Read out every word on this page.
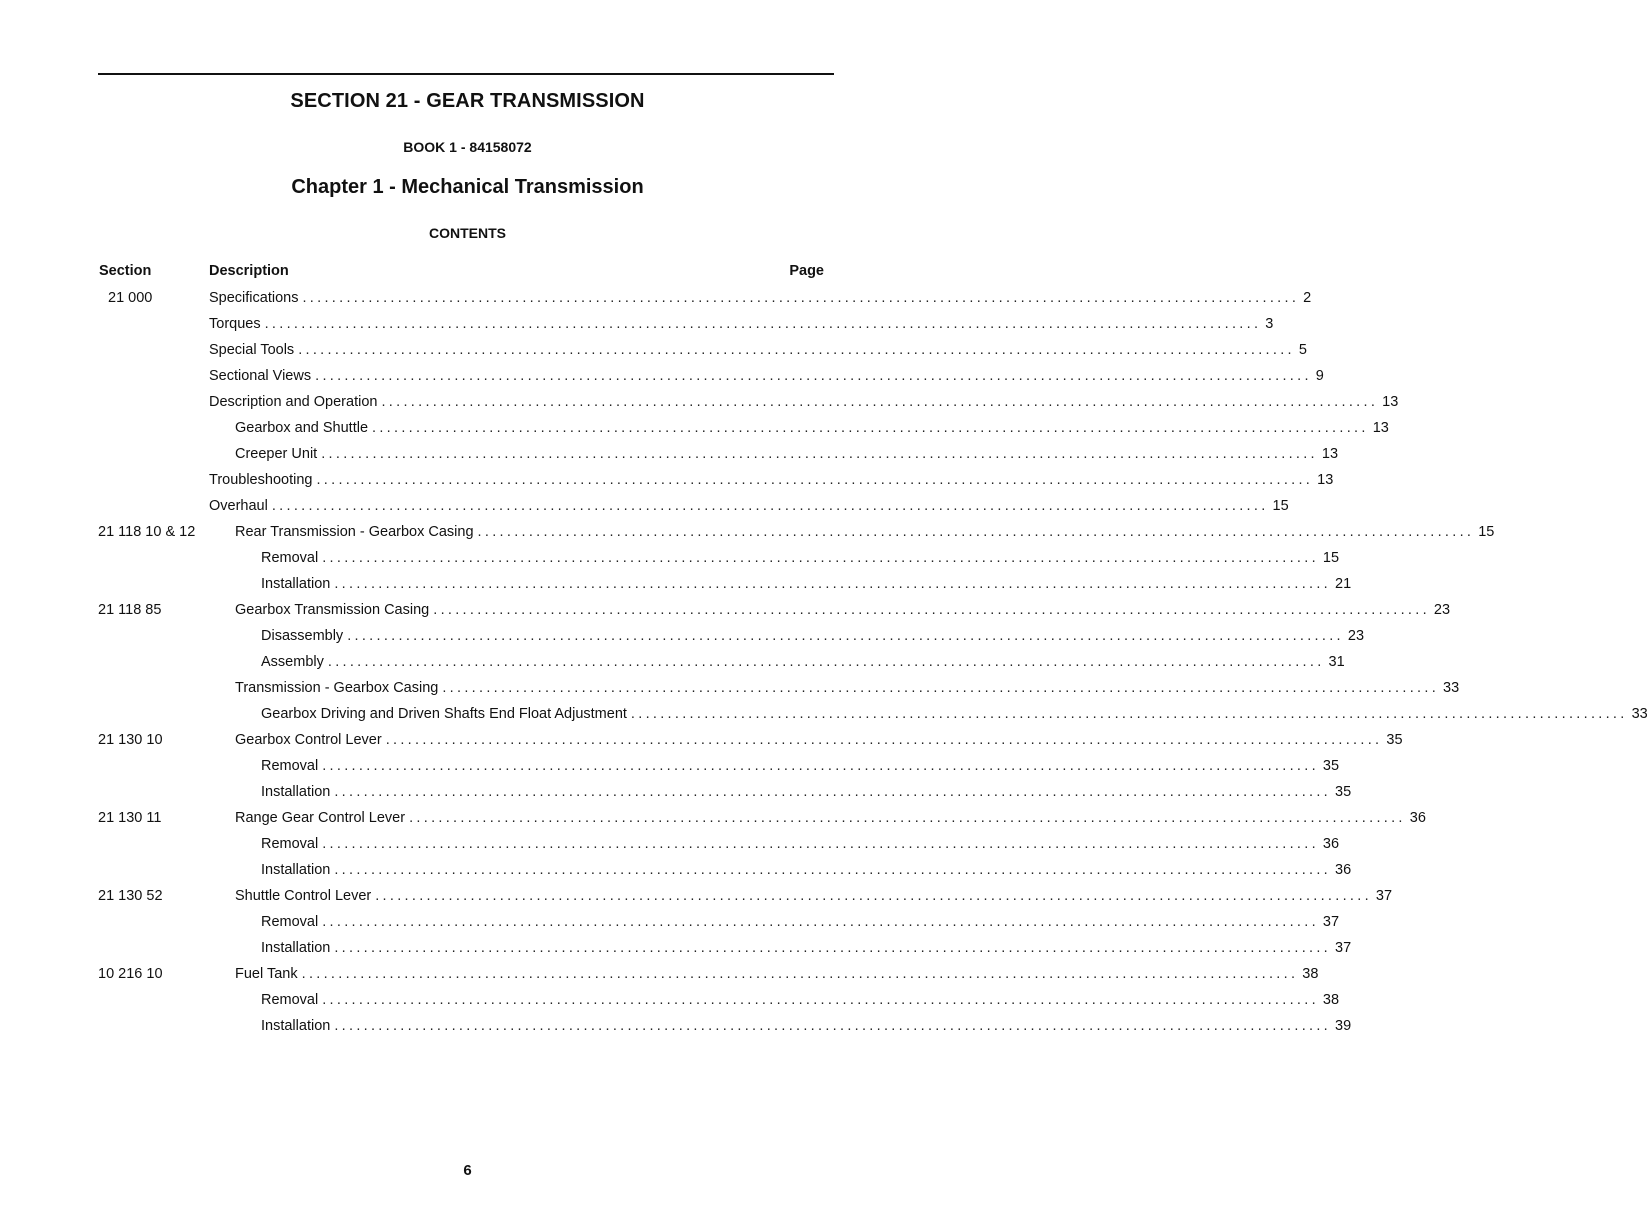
SECTION 21 - GEAR TRANSMISSION
BOOK 1 - 84158072
Chapter 1 - Mechanical Transmission
CONTENTS
Section	Description	Page
21 000	Specifications ........................................................................................................................................ 2
Torques ........................................................................................................................................ 3
Special Tools ........................................................................................................................................ 5
Sectional Views ........................................................................................................................................ 9
Description and Operation ........................................................................................................................................ 13
Gearbox and Shuttle ........................................................................................................................................ 13
Creeper Unit ........................................................................................................................................ 13
Troubleshooting ........................................................................................................................................ 13
Overhaul ........................................................................................................................................ 15
21 118 10 & 12	Rear Transmission - Gearbox Casing ........................................................................................................................................ 15
Removal ........................................................................................................................................ 15
Installation ........................................................................................................................................ 21
21 118 85	Gearbox Transmission Casing ........................................................................................................................................ 23
Disassembly ........................................................................................................................................ 23
Assembly ........................................................................................................................................ 31
Transmission - Gearbox Casing ........................................................................................................................................ 33
Gearbox Driving and Driven Shafts End Float Adjustment ........................................................................................................................................ 33
21 130 10	Gearbox Control Lever ........................................................................................................................................ 35
Removal ........................................................................................................................................ 35
Installation ........................................................................................................................................ 35
21 130 11	Range Gear Control Lever ........................................................................................................................................ 36
Removal ........................................................................................................................................ 36
Installation ........................................................................................................................................ 36
21 130 52	Shuttle Control Lever ........................................................................................................................................ 37
Removal ........................................................................................................................................ 37
Installation ........................................................................................................................................ 37
10 216 10	Fuel Tank ........................................................................................................................................ 38
Removal ........................................................................................................................................ 38
Installation ........................................................................................................................................ 39
6
